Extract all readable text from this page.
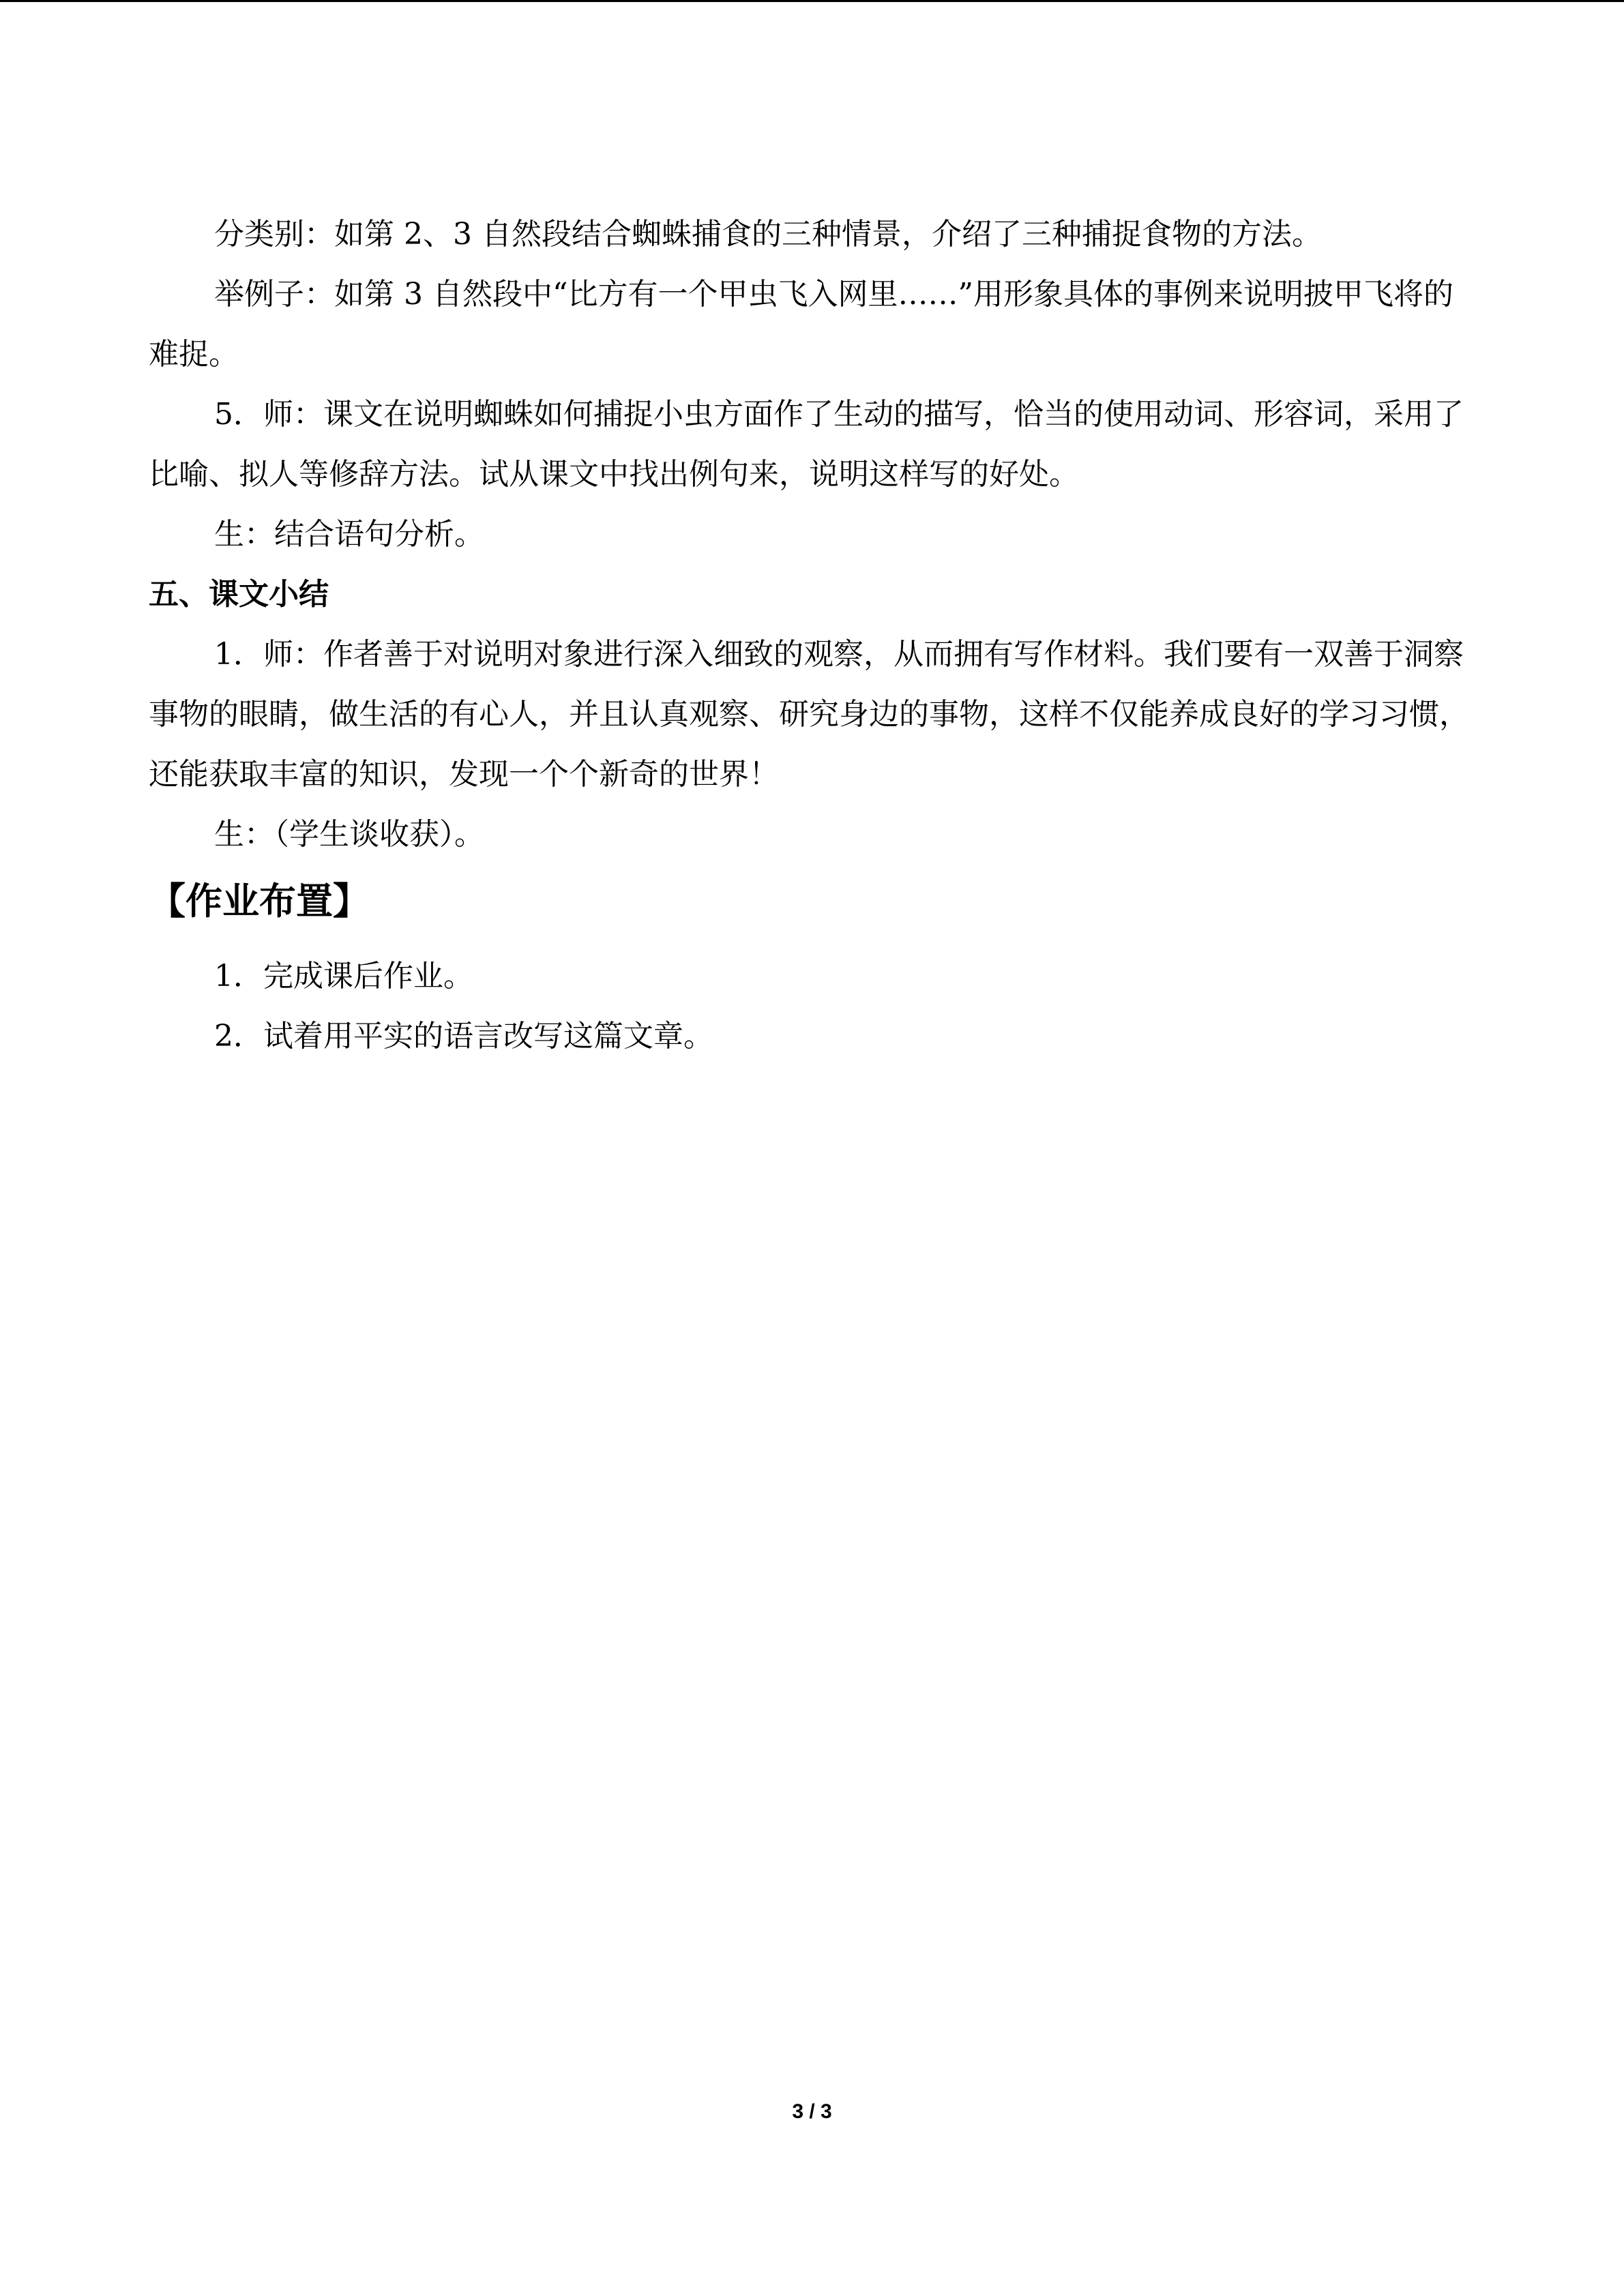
分类别：如第 2、3 自然段结合蜘蛛捕食的三种情景，介绍了三种捕捉食物的方法。

举例子：如第 3 自然段中“比方有一个甲虫飞入网里……”用形象具体的事例来说明披甲飞将的难捉。

5．师：课文在说明蜘蛛如何捕捉小虫方面作了生动的描写，恰当的使用动词、形容词，采用了比喻、拟人等修辞方法。试从课文中找出例句来，说明这样写的好处。

生：结合语句分析。

五、课文小结

1．师：作者善于对说明对象进行深入细致的观察，从而拥有写作材料。我们要有一双善于洞察事物的眼睛，做生活的有心人，并且认真观察、研究身边的事物，这样不仅能养成良好的学习习惯，还能获取丰富的知识，发现一个个新奇的世界！

生：（学生谈收获）。

【作业布置】

1．完成课后作业。

2．试着用平实的语言改写这篇文章。

3 / 3
